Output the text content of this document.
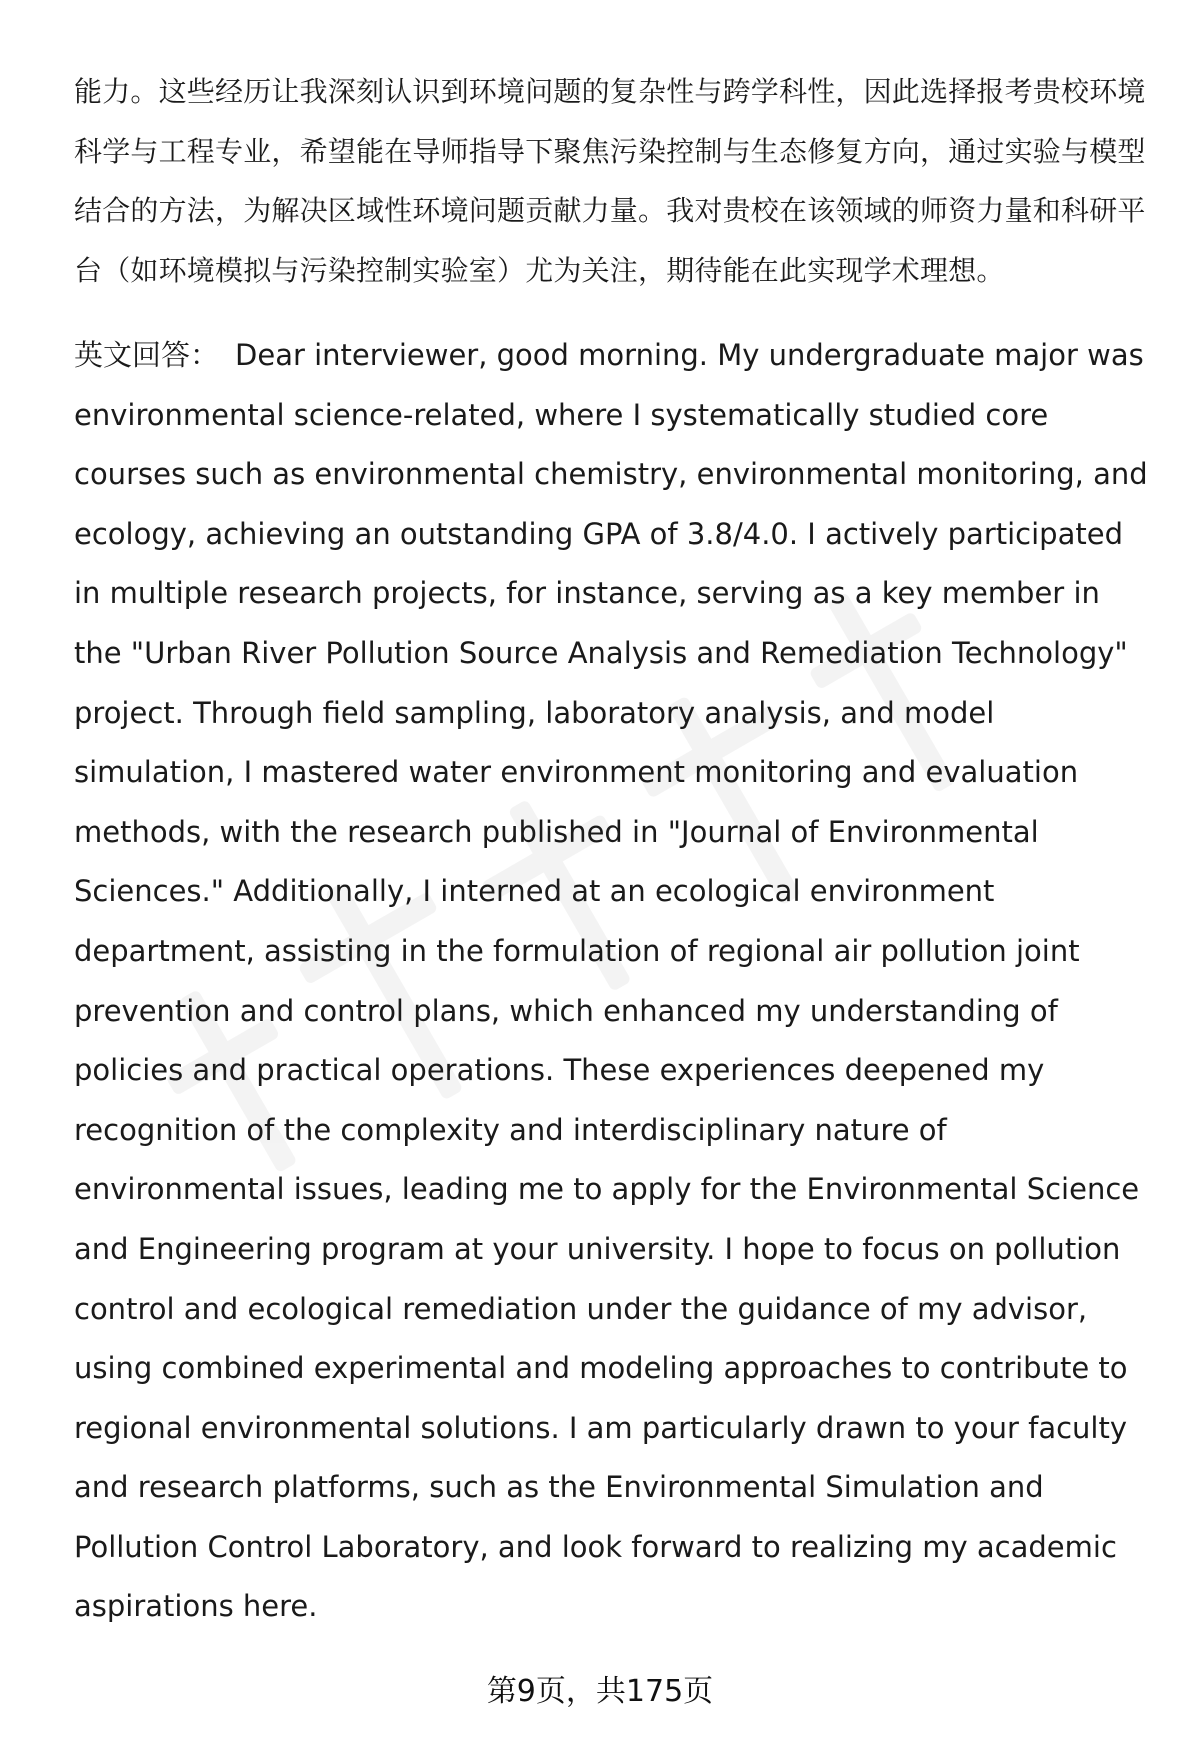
能力。这些经历让我深刻认识到环境问题的复杂性与跨学科性，因此选择报考贵校环境科学与工程专业，希望能在导师指导下聚焦污染控制与生态修复方向，通过实验与模型结合的方法，为解决区域性环境问题贡献力量。我对贵校在该领域的师资力量和科研平台（如环境模拟与污染控制实验室）尤为关注，期待能在此实现学术理想。

英文回答： Dear interviewer, good morning. My undergraduate major was environmental science-related, where I systematically studied core courses such as environmental chemistry, environmental monitoring, and ecology, achieving an outstanding GPA of 3.8/4.0. I actively participated in multiple research projects, for instance, serving as a key member in the "Urban River Pollution Source Analysis and Remediation Technology" project. Through field sampling, laboratory analysis, and model simulation, I mastered water environment monitoring and evaluation methods, with the research published in "Journal of Environmental Sciences." Additionally, I interned at an ecological environment department, assisting in the formulation of regional air pollution joint prevention and control plans, which enhanced my understanding of policies and practical operations. These experiences deepened my recognition of the complexity and interdisciplinary nature of environmental issues, leading me to apply for the Environmental Science and Engineering program at your university. I hope to focus on pollution control and ecological remediation under the guidance of my advisor, using combined experimental and modeling approaches to contribute to regional environmental solutions. I am particularly drawn to your faculty and research platforms, such as the Environmental Simulation and Pollution Control Laboratory, and look forward to realizing my academic aspirations here.

第9页，共175页
